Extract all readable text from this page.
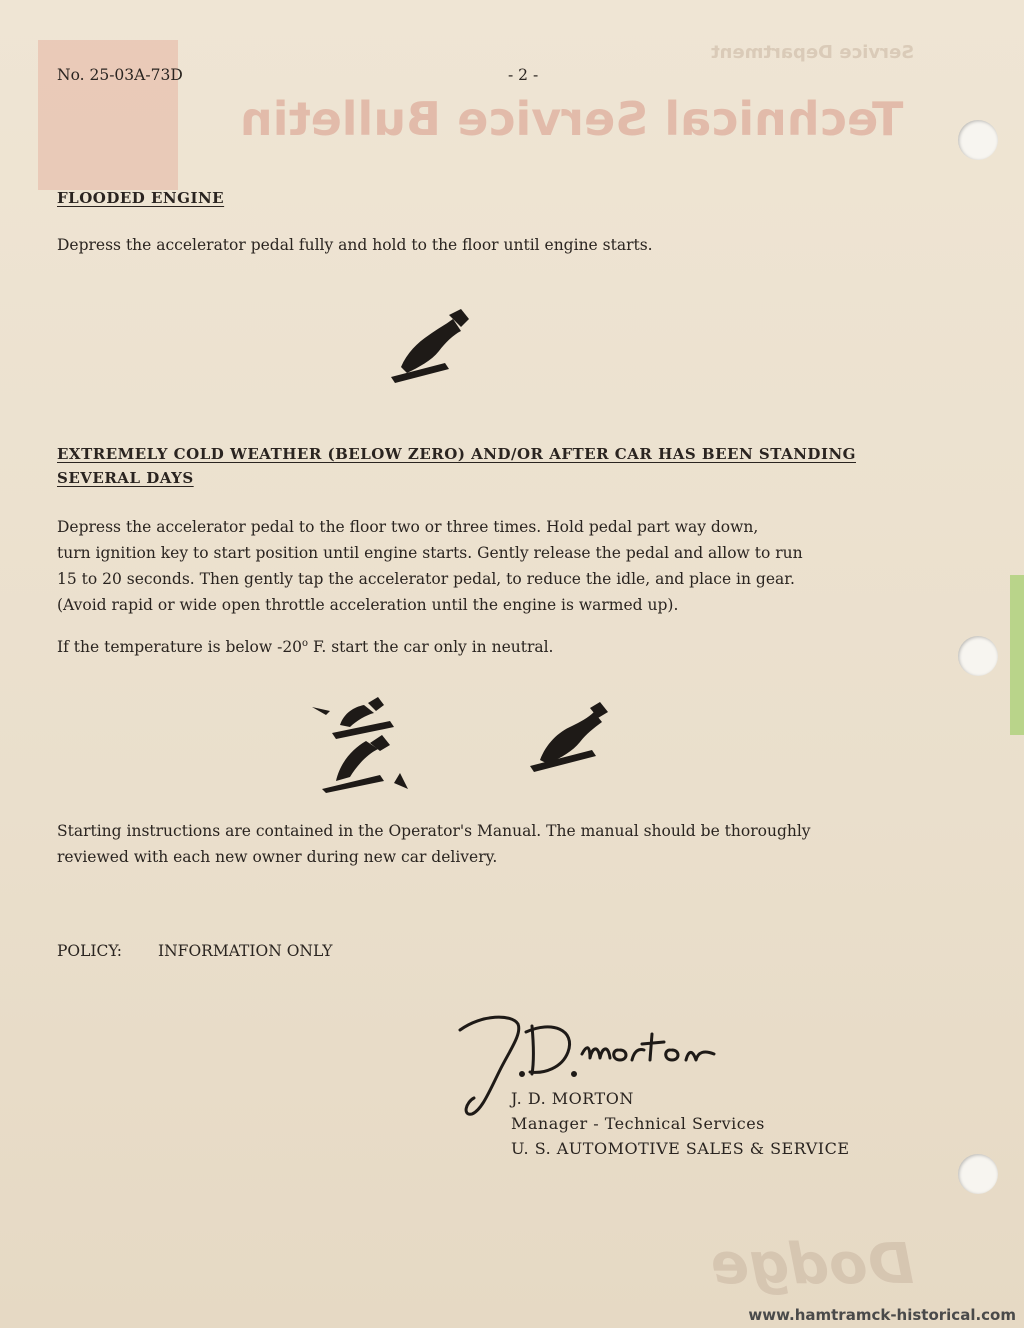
Service Department
Technical Service Bulletin
Dodge
No. 25-03A-73D	- 2 -
FLOODED ENGINE
Depress the accelerator pedal fully and hold to the floor until engine starts.
EXTREMELY COLD WEATHER (BELOW ZERO) AND/OR AFTER CAR HAS BEEN STANDING
SEVERAL DAYS
Depress the accelerator pedal to the floor two or three times. Hold pedal part way down,
turn ignition key to start position until engine starts. Gently release the pedal and allow to run
15 to 20 seconds. Then gently tap the accelerator pedal, to reduce the idle, and place in gear.
(Avoid rapid or wide open throttle acceleration until the engine is warmed up).
If the temperature is below -20$^o$ F. start the car only in neutral.
Starting instructions are contained in the Operator's Manual. The manual should be thoroughly
reviewed with each new owner during new car delivery.
POLICY: INFORMATION ONLY
J. D. MORTON
Manager - Technical Services
U. S. AUTOMOTIVE SALES & SERVICE
www.hamtramck-historical.com
